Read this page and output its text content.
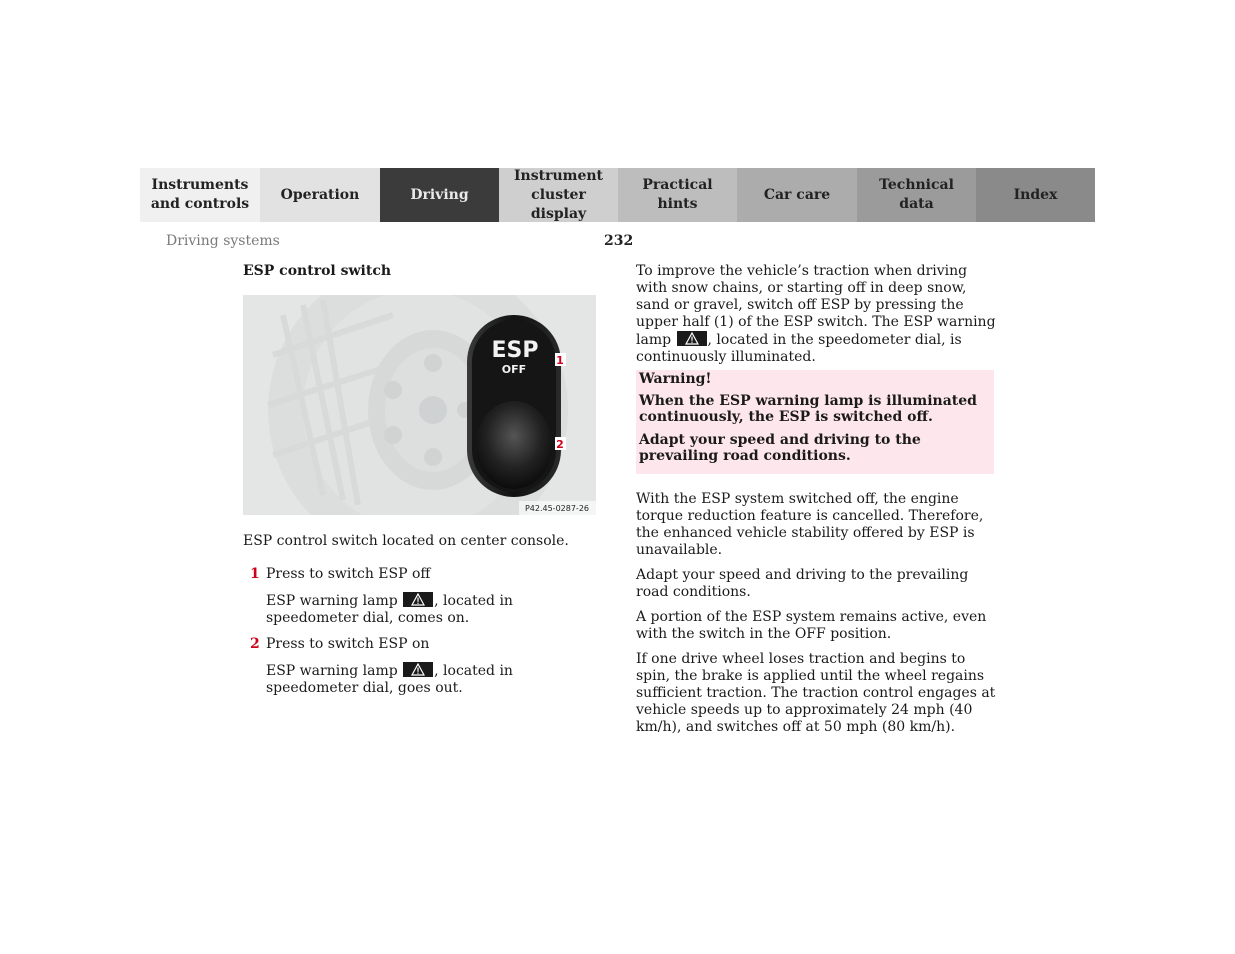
Instruments
and controls
Operation	Driving
Instrument
cluster display
Practical hints
Car care
Technical
data
Index
Driving systems	232
ESP control switch
ESP
OFF
1
2
P42.45-0287-26
ESP control switch located on center console.
1 Press to switch ESP off
ESP warning lamp	, located in speedometer dial, comes on.
2 Press to switch ESP on
ESP warning lamp	, located in speedometer dial, goes out.
To improve the vehicle’s traction when driving with snow chains, or starting off in deep snow, sand or gravel, switch off ESP by pressing the upper half (1) of the ESP switch. The ESP warning lamp	, located in the speedometer dial, is continuously illuminated.

Warning!

When the ESP warning lamp is illuminated continuously, the ESP is switched off.

Adapt your speed and driving to the prevailing road conditions.

With the ESP system switched off, the engine torque reduction feature is cancelled. Therefore, the enhanced vehicle stability offered by ESP is unavailable.

Adapt your speed and driving to the prevailing road conditions.

A portion of the ESP system remains active, even with the switch in the OFF position.

If one drive wheel loses traction and begins to spin, the brake is applied until the wheel regains sufficient traction. The traction control engages at vehicle speeds up to approximately 24 mph (40 km/h), and switches off at 50 mph (80 km/h).
